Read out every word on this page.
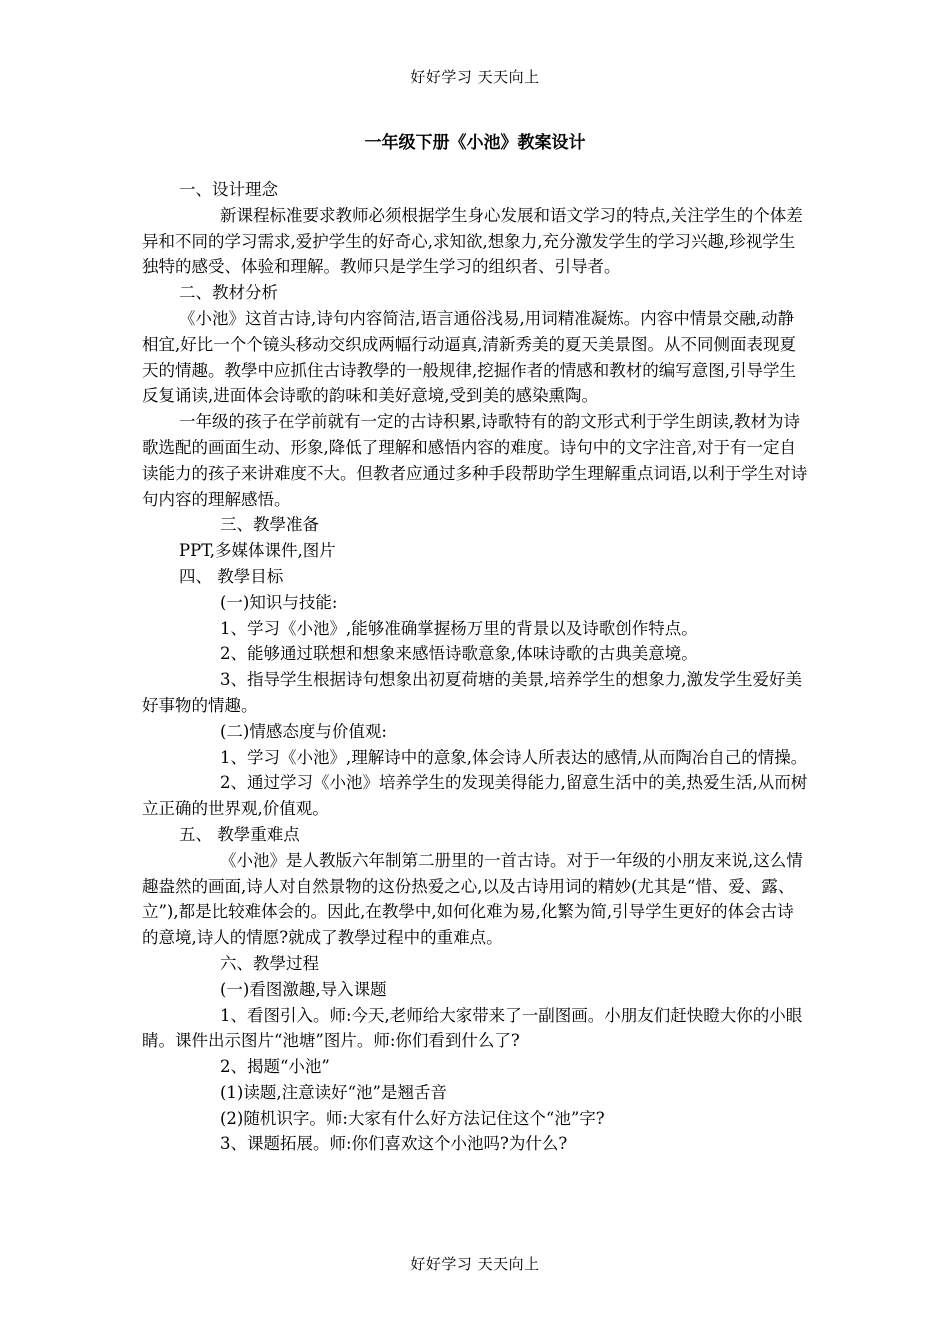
好好学习 天天向上
一年级下册《小池》教案设计

一、设计理念

新课程标准要求教师必须根据学生身心发展和语文学习的特点,关注学生的个体差异和不同的学习需求,爱护学生的好奇心,求知欲,想象力,充分激发学生的学习兴趣,珍视学生独特的感受、体验和理解。教师只是学生学习的组织者、引导者。

二、教材分析

《小池》这首古诗,诗句内容简洁,语言通俗浅易,用词精准凝炼。内容中情景交融,动静相宜,好比一个个镜头移动交织成两幅行动逼真,清新秀美的夏天美景图。从不同侧面表现夏天的情趣。教學中应抓住古诗教學的一般规律,挖掘作者的情感和教材的编写意图,引导学生反复诵读,进面体会诗歌的韵味和美好意境,受到美的感染熏陶。

一年级的孩子在学前就有一定的古诗积累,诗歌特有的韵文形式利于学生朗读,教材为诗歌选配的画面生动、形象,降低了理解和感悟内容的难度。诗句中的文字注音,对于有一定自读能力的孩子来讲难度不大。但教者应通过多种手段帮助学生理解重点词语,以利于学生对诗句内容的理解感悟。

三、教學准备

PPT,多媒体课件,图片

四、 教學目标

(一)知识与技能:

1、学习《小池》,能够准确掌握杨万里的背景以及诗歌创作特点。

2、能够通过联想和想象来感悟诗歌意象,体味诗歌的古典美意境。

3、指导学生根据诗句想象出初夏荷塘的美景,培养学生的想象力,激发学生爱好美好事物的情趣。

(二)情感态度与价值观:

1、学习《小池》,理解诗中的意象,体会诗人所表达的感情,从而陶冶自己的情操。

2、通过学习《小池》培养学生的发现美得能力,留意生活中的美,热爱生活,从而树立正确的世界观,价值观。

五、 教學重难点

《小池》是人教版六年制第二册里的一首古诗。对于一年级的小朋友来说,这么情趣盎然的画面,诗人对自然景物的这份热爱之心,以及古诗用词的精妙(尤其是“惜、爱、露、立”),都是比较难体会的。因此,在教學中,如何化难为易,化繁为简,引导学生更好的体会古诗的意境,诗人的情愿?就成了教學过程中的重难点。

六、教學过程

(一)看图激趣,导入课题

1、看图引入。师:今天,老师给大家带来了一副图画。小朋友们赶快瞪大你的小眼睛。课件出示图片“池塘”图片。师:你们看到什么了?

2、揭题“小池”

(1)读题,注意读好“池”是翘舌音

(2)随机识字。师:大家有什么好方法记住这个“池”字?

3、课题拓展。师:你们喜欢这个小池吗?为什么?

好好学习 天天向上
